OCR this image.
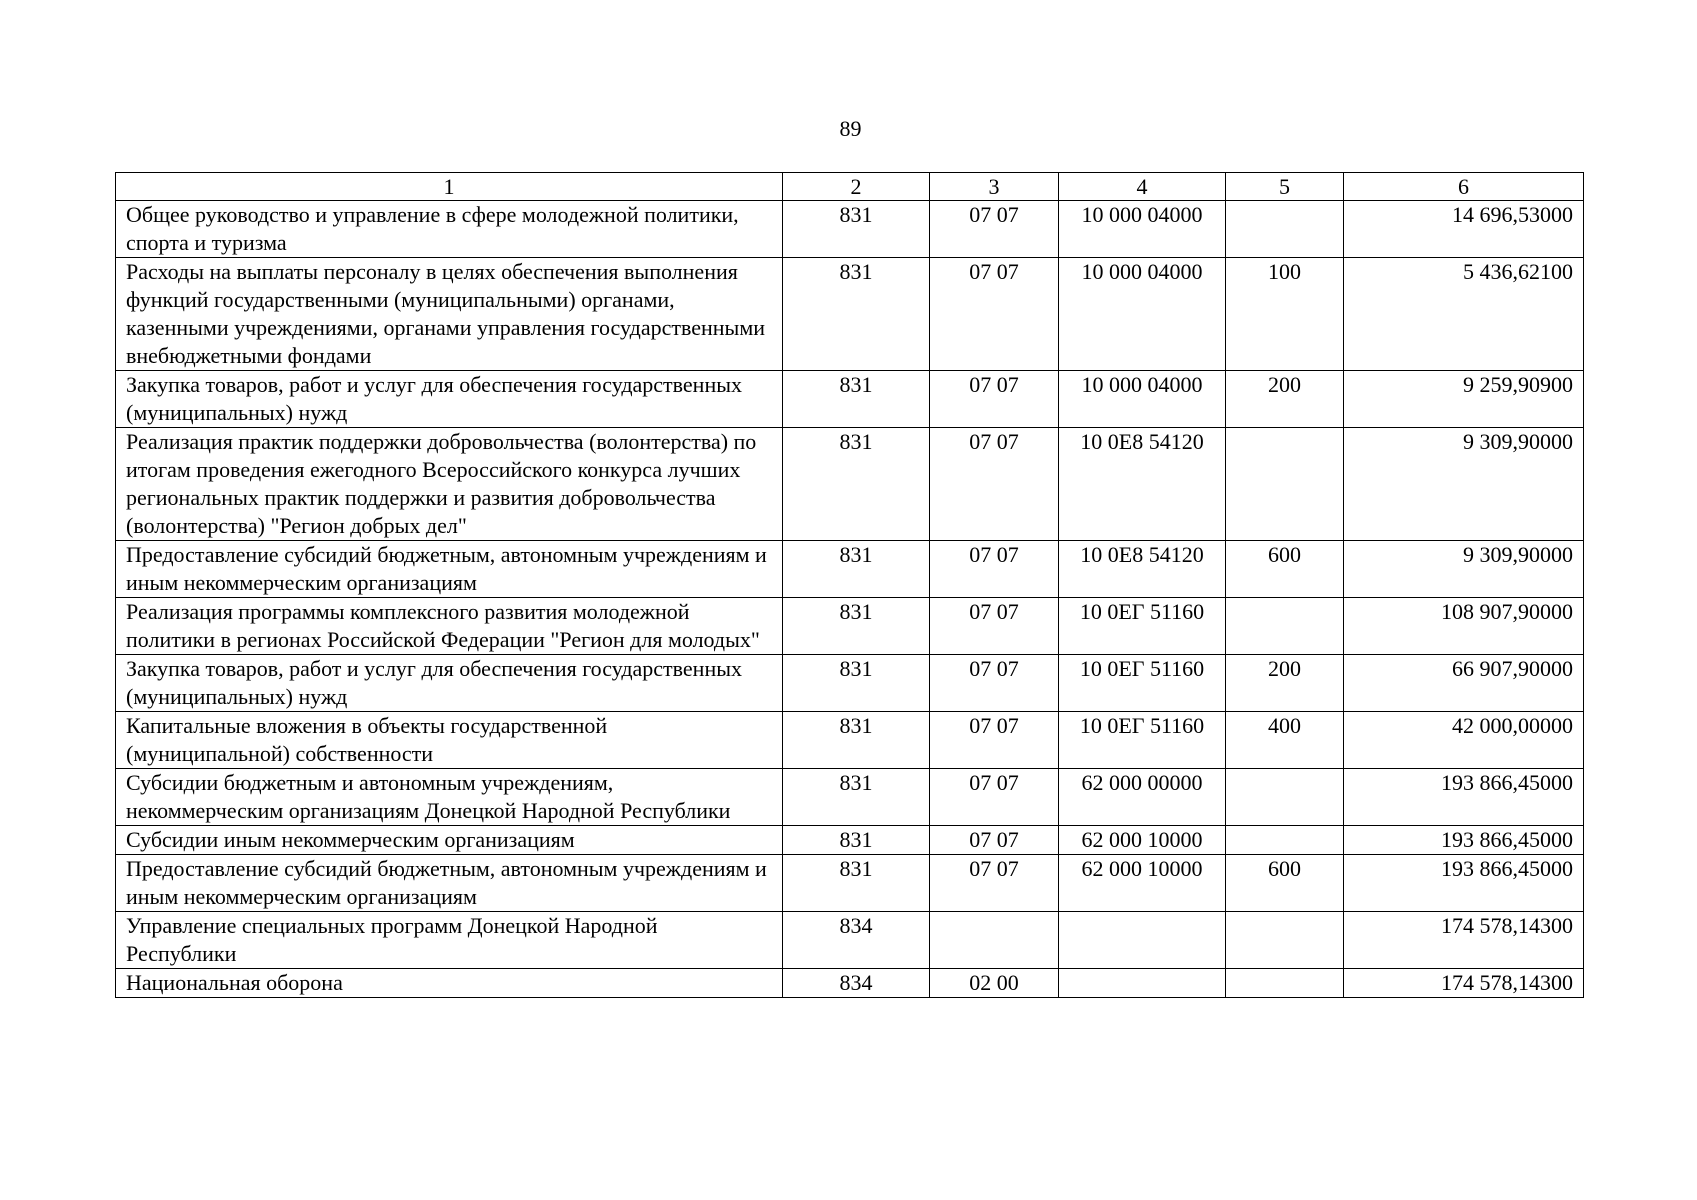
89
1	2	3	4	5	6
Общее руководство и управление в сфере молодежной политики, спорта и туризма	831	07 07	10 000 04000		14 696,53000
Расходы на выплаты персоналу в целях обеспечения выполнения функций государственными (муниципальными) органами, казенными учреждениями, органами управления государственными внебюджетными фондами	831	07 07	10 000 04000	100	5 436,62100
Закупка товаров, работ и услуг для обеспечения государственных (муниципальных) нужд	831	07 07	10 000 04000	200	9 259,90900
Реализация практик поддержки добровольчества (волонтерства) по итогам проведения ежегодного Всероссийского конкурса лучших региональных практик поддержки и развития добровольчества (волонтерства) "Регион добрых дел"	831	07 07	10 0E8 54120		9 309,90000
Предоставление субсидий бюджетным, автономным учреждениям и иным некоммерческим организациям	831	07 07	10 0E8 54120	600	9 309,90000
Реализация программы комплексного развития молодежной политики в регионах Российской Федерации "Регион для молодых"	831	07 07	10 0ЕГ 51160		108 907,90000
Закупка товаров, работ и услуг для обеспечения государственных (муниципальных) нужд	831	07 07	10 0ЕГ 51160	200	66 907,90000
Капитальные вложения в объекты государственной (муниципальной) собственности	831	07 07	10 0ЕГ 51160	400	42 000,00000
Субсидии бюджетным и автономным учреждениям, некоммерческим организациям Донецкой Народной Республики	831	07 07	62 000 00000		193 866,45000
Субсидии иным некоммерческим организациям	831	07 07	62 000 10000		193 866,45000
Предоставление субсидий бюджетным, автономным учреждениям и иным некоммерческим организациям	831	07 07	62 000 10000	600	193 866,45000
Управление специальных программ Донецкой Народной Республики	834				174 578,14300
Национальная оборона	834	02 00			174 578,14300
